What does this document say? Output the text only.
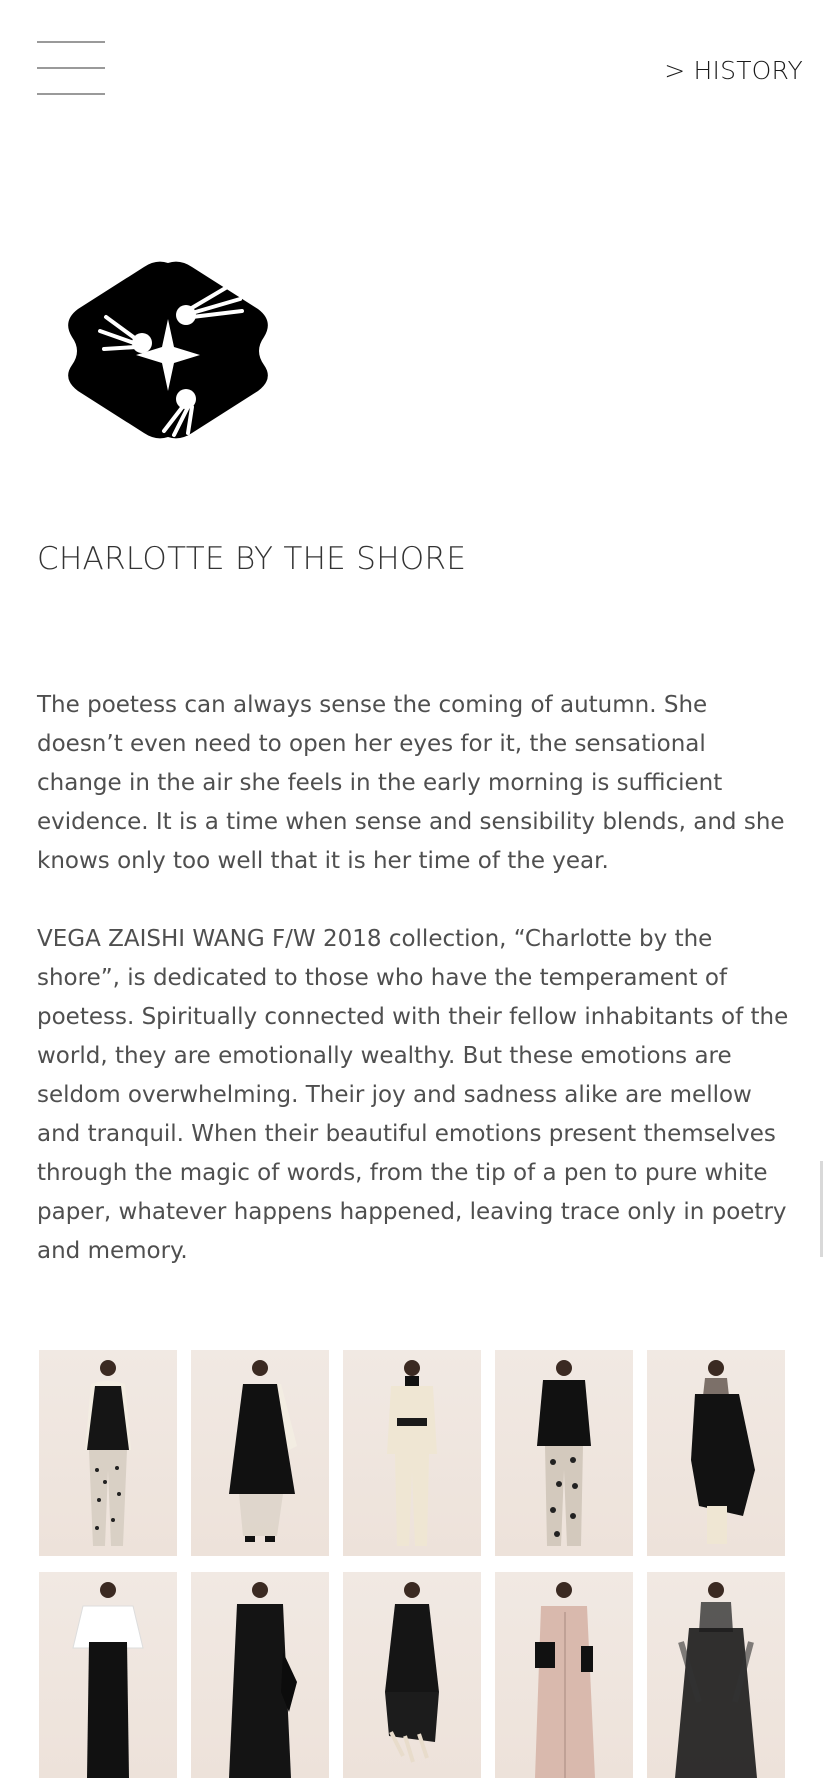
> HISTORY
CHARLOTTE BY THE SHORE

The poetess can always sense the coming of autumn. She doesn’t even need to open her eyes for it, the sensational change in the air she feels in the early morning is sufficient evidence. It is a time when sense and sensibility blends, and she knows only too well that it is her time of the year.

VEGA ZAISHI WANG F/W 2018 collection, “Charlotte by the shore”, is dedicated to those who have the temperament of poetess. Spiritually connected with their fellow inhabitants of the world, they are emotionally wealthy. But these emotions are seldom overwhelming. Their joy and sadness alike are mellow and tranquil. When their beautiful emotions present themselves through the magic of words, from the tip of a pen to pure white paper, whatever happens happened, leaving trace only in poetry and memory.
